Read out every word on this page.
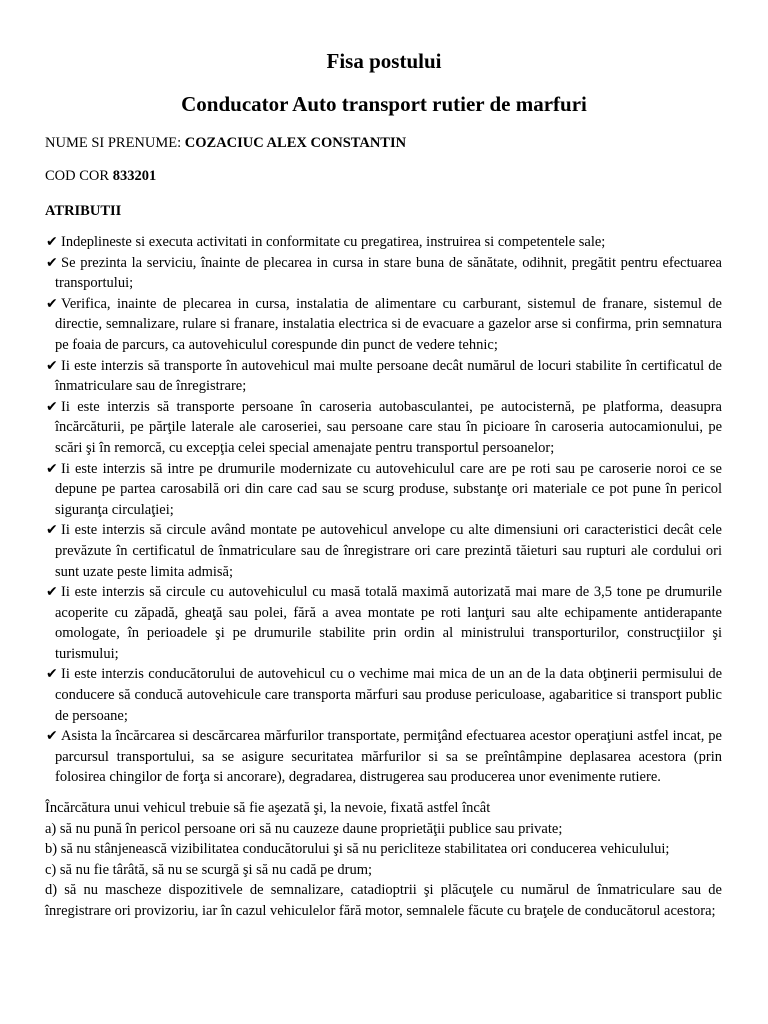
Fisa postului
Conducator Auto transport rutier de marfuri

NUME SI PRENUME: COZACIUC ALEX CONSTANTIN

COD COR 833201

ATRIBUTII

✔ Indeplineste si executa activitati in conformitate cu pregatirea, instruirea si competentele sale;
✔ Se prezinta la serviciu, înainte de plecarea in cursa in stare buna de sănătate, odihnit, pregătit pentru efectuarea transportului;
✔ Verifica, inainte de plecarea in cursa, instalatia de alimentare cu carburant, sistemul de franare, sistemul de directie, semnalizare, rulare si franare, instalatia electrica si de evacuare a gazelor arse si confirma, prin semnatura pe foaia de parcurs, ca autovehiculul corespunde din punct de vedere tehnic;
✔ Ii este interzis să transporte în autovehicul mai multe persoane decât numărul de locuri stabilite în certificatul de înmatriculare sau de înregistrare;
✔ Ii este interzis să transporte persoane în caroseria autobasculantei, pe autocisternă, pe platforma, deasupra încărcăturii, pe părţile laterale ale caroseriei, sau persoane care stau în picioare în caroseria autocamionului, pe scări şi în remorcă, cu excepţia celei special amenajate pentru transportul persoanelor;
✔ Ii este interzis să intre pe drumurile modernizate cu autovehiculul care are pe roti sau pe caroserie noroi ce se depune pe partea carosabilă ori din care cad sau se scurg produse, substanţe ori materiale ce pot pune în pericol siguranţa circulaţiei;
✔ Ii este interzis să circule având montate pe autovehicul anvelope cu alte dimensiuni ori caracteristici decât cele prevăzute în certificatul de înmatriculare sau de înregistrare ori care prezintă tăieturi sau rupturi ale cordului ori sunt uzate peste limita admisă;
✔ Ii este interzis să circule cu autovehiculul cu masă totală maximă autorizată mai mare de 3,5 tone pe drumurile acoperite cu zăpadă, gheaţă sau polei, fără a avea montate pe roti lanţuri sau alte echipamente antiderapante omologate, în perioadele şi pe drumurile stabilite prin ordin al ministrului transporturilor, construcţiilor şi turismului;
✔ Ii este interzis conducătorului de autovehicul cu o vechime mai mica de un an de la data obţinerii permisului de conducere să conducă autovehicule care transporta mărfuri sau produse periculoase, agabaritice si transport public de persoane;
✔ Asista la încărcarea si descărcarea mărfurilor transportate, permiţând efectuarea acestor operaţiuni astfel incat, pe parcursul transportului, sa se asigure securitatea mărfurilor si sa se preîntâmpine deplasarea acestora (prin folosirea chingilor de forţa si ancorare), degradarea, distrugerea sau producerea unor evenimente rutiere.

Încărcătura unui vehicul trebuie să fie aşezată şi, la nevoie, fixată astfel încât

a) să nu pună în pericol persoane ori să nu cauzeze daune proprietăţii publice sau private;

b) să nu stânjenească vizibilitatea conducătorului şi să nu periclitezе stabilitatea ori conducerea vehiculului;

c) să nu fie târâtă, să nu se scurgă şi să nu cadă pe drum;

d) să nu mascheze dispozitivele de semnalizare, catadioptrii şi plăcuţele cu numărul de înmatriculare sau de înregistrare ori provizoriu, iar în cazul vehiculelor fără motor, semnalele făcute cu braţele de conducătorul acestora;
